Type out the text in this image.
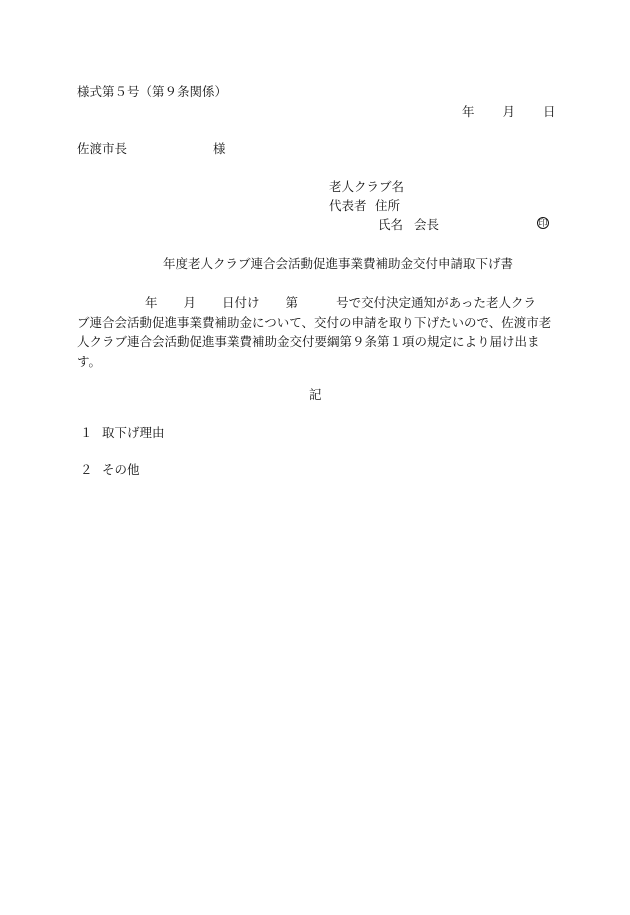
様式第５号（第９条関係）
年 月 日
佐渡市長	様
老人クラブ名
代表者 住所
氏名 会長	印
年度老人クラブ連合会活動促進事業費補助金交付申請取下げ書
年 月 日付け 第	号で交付決定通知があった老人クラ
ブ連合会活動促進事業費補助金について、交付の申請を取り下げたいので、佐渡市老
人クラブ連合会活動促進事業費補助金交付要綱第９条第１項の規定により届け出ま
す。
記
１ 取下げ理由
２ その他
